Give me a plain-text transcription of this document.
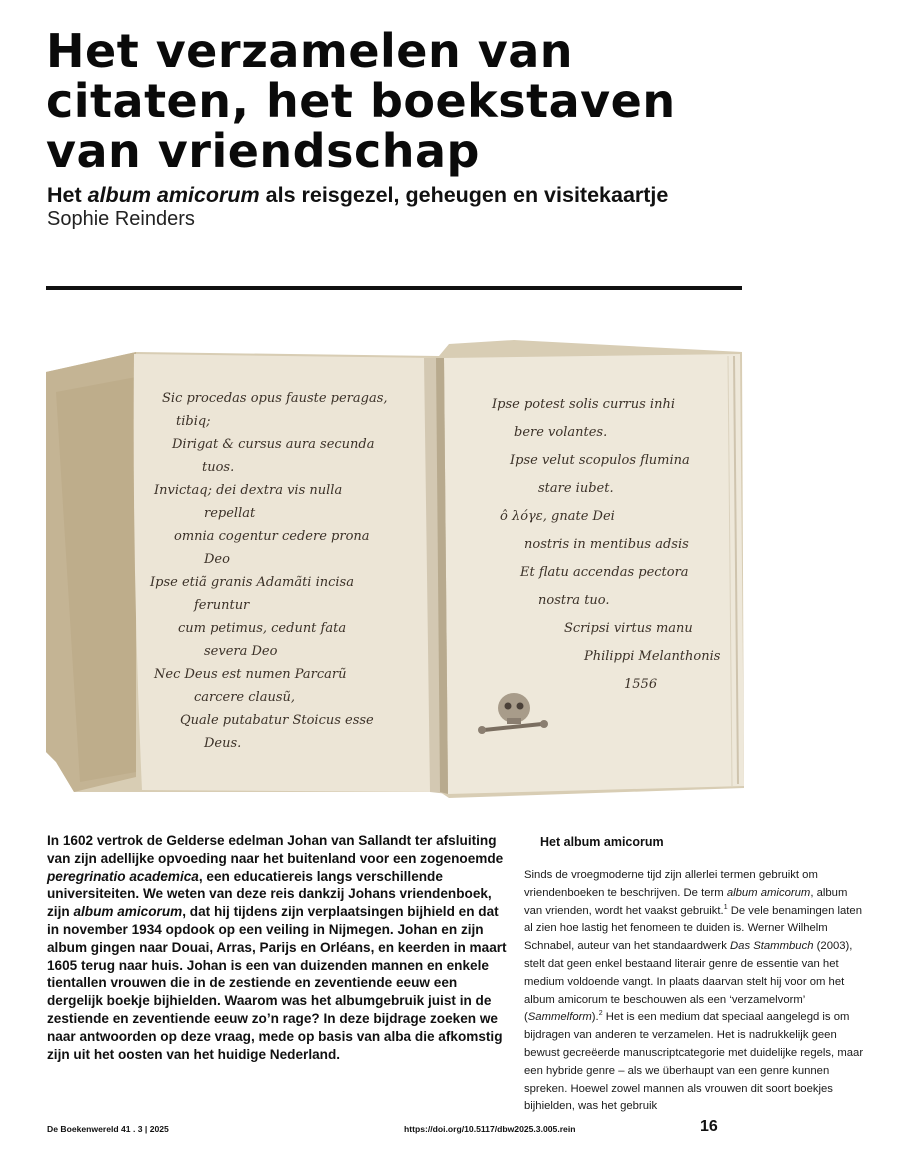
Het verzamelen van
citaten, het boekstaven
van vriendschap

Het album amicorum als reisgezel, geheugen en visitekaartje

Sophie Reinders

Sic procedas opus fauste peragas,
tibiq;
Dirigat & cursus aura secunda
tuos.
Invictaq; dei dextra vis nulla
repellat
omnia cogentur cedere prona
Deo
Ipse etiã granis Adamãti incisa
feruntur
cum petimus, cedunt fata
severa Deo
Nec Deus est numen Parcarũ
carcere clausũ,
Quale putabatur Stoicus esse
Deus.
Ipse potest solis currus inhi
bere volantes.
Ipse velut scopulos flumina
stare iubet.
ô λόγε, gnate Dei
nostris in mentibus adsis
Et flatu accendas pectora
nostra tuo.
Scripsi virtus manu
Philippi Melanthonis
1556

In 1602 vertrok de Gelderse edelman Johan van Sallandt ter afsluiting van zijn adellijke opvoeding naar het buitenland voor een zogenoemde peregrinatio academica, een educatiereis langs verschillende universiteiten. We weten van deze reis dankzij Johans vriendenboek, zijn album amicorum, dat hij tijdens zijn verplaatsingen bijhield en dat in november 1934 opdook op een veiling in Nijmegen. Johan en zijn album gingen naar Douai, Arras, Parijs en Orléans, en keerden in maart 1605 terug naar huis. Johan is een van duizenden mannen en enkele tientallen vrouwen die in de zestiende en zeventiende eeuw een dergelijk boekje bijhielden. Waarom was het albumgebruik juist in de zestiende en zeventiende eeuw zo’n rage? In deze bijdrage zoeken we naar antwoorden op deze vraag, mede op basis van alba die afkomstig zijn uit het oosten van het huidige Nederland.

Het album amicorum

Sinds de vroegmoderne tijd zijn allerlei termen gebruikt om vriendenboeken te beschrijven. De term album amicorum, album van vrienden, wordt het vaakst gebruikt.$^1$ De vele benamingen laten al zien hoe lastig het fenomeen te duiden is. Werner Wilhelm Schnabel, auteur van het standaardwerk Das Stammbuch (2003), stelt dat geen enkel bestaand literair genre de essentie van het medium voldoende vangt. In plaats daarvan stelt hij voor om het album amicorum te beschouwen als een ‘verzamelvorm’ (Sammelform).$^2$ Het is een medium dat speciaal aangelegd is om bijdragen van anderen te verzamelen. Het is nadrukkelijk geen bewust gecreëerde manuscriptcategorie met duidelijke regels, maar een hybride genre – als we überhaupt van een genre kunnen spreken. Hoewel zowel mannen als vrouwen dit soort boekjes bijhielden, was het gebruik

De Boekenwereld 41 . 3 | 2025	https://doi.org/10.5117/dbw2025.3.005.rein	16
